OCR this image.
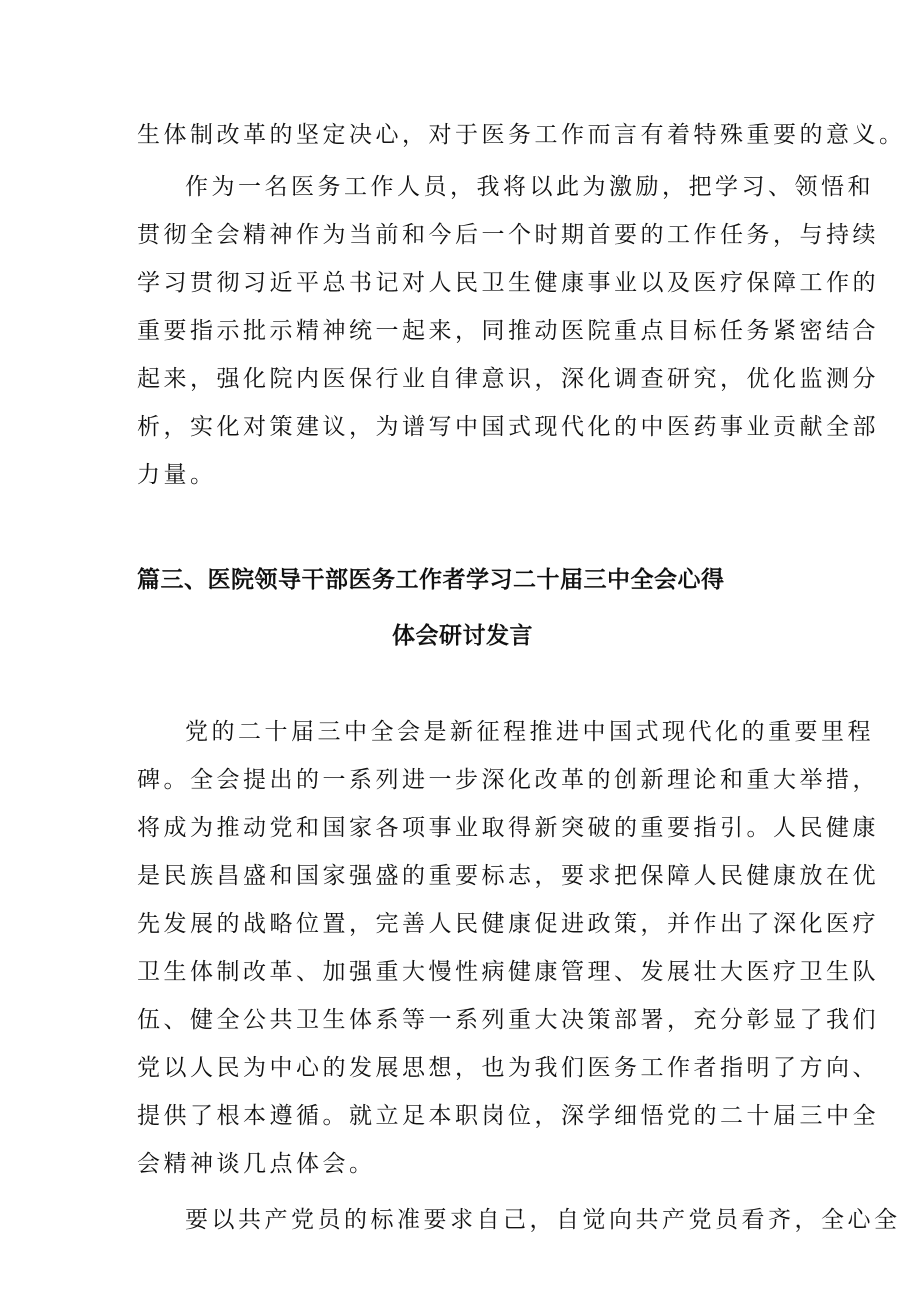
生体制改革的坚定决心，对于医务工作而言有着特殊重要的意义。

作为一名医务工作人员，我将以此为激励，把学习、领悟和

贯彻全会精神作为当前和今后一个时期首要的工作任务，与持续

学习贯彻习近平总书记对人民卫生健康事业以及医疗保障工作的

重要指示批示精神统一起来，同推动医院重点目标任务紧密结合

起来，强化院内医保行业自律意识，深化调查研究，优化监测分

析，实化对策建议，为谱写中国式现代化的中医药事业贡献全部

力量。

篇三、医院领导干部医务工作者学习二十届三中全会心得
体会研讨发言

党的二十届三中全会是新征程推进中国式现代化的重要里程

碑。全会提出的一系列进一步深化改革的创新理论和重大举措，

将成为推动党和国家各项事业取得新突破的重要指引。人民健康

是民族昌盛和国家强盛的重要标志，要求把保障人民健康放在优

先发展的战略位置，完善人民健康促进政策，并作出了深化医疗

卫生体制改革、加强重大慢性病健康管理、发展壮大医疗卫生队

伍、健全公共卫生体系等一系列重大决策部署，充分彰显了我们

党以人民为中心的发展思想，也为我们医务工作者指明了方向、

提供了根本遵循。就立足本职岗位，深学细悟党的二十届三中全

会精神谈几点体会。

要以共产党员的标准要求自己，自觉向共产党员看齐，全心全
